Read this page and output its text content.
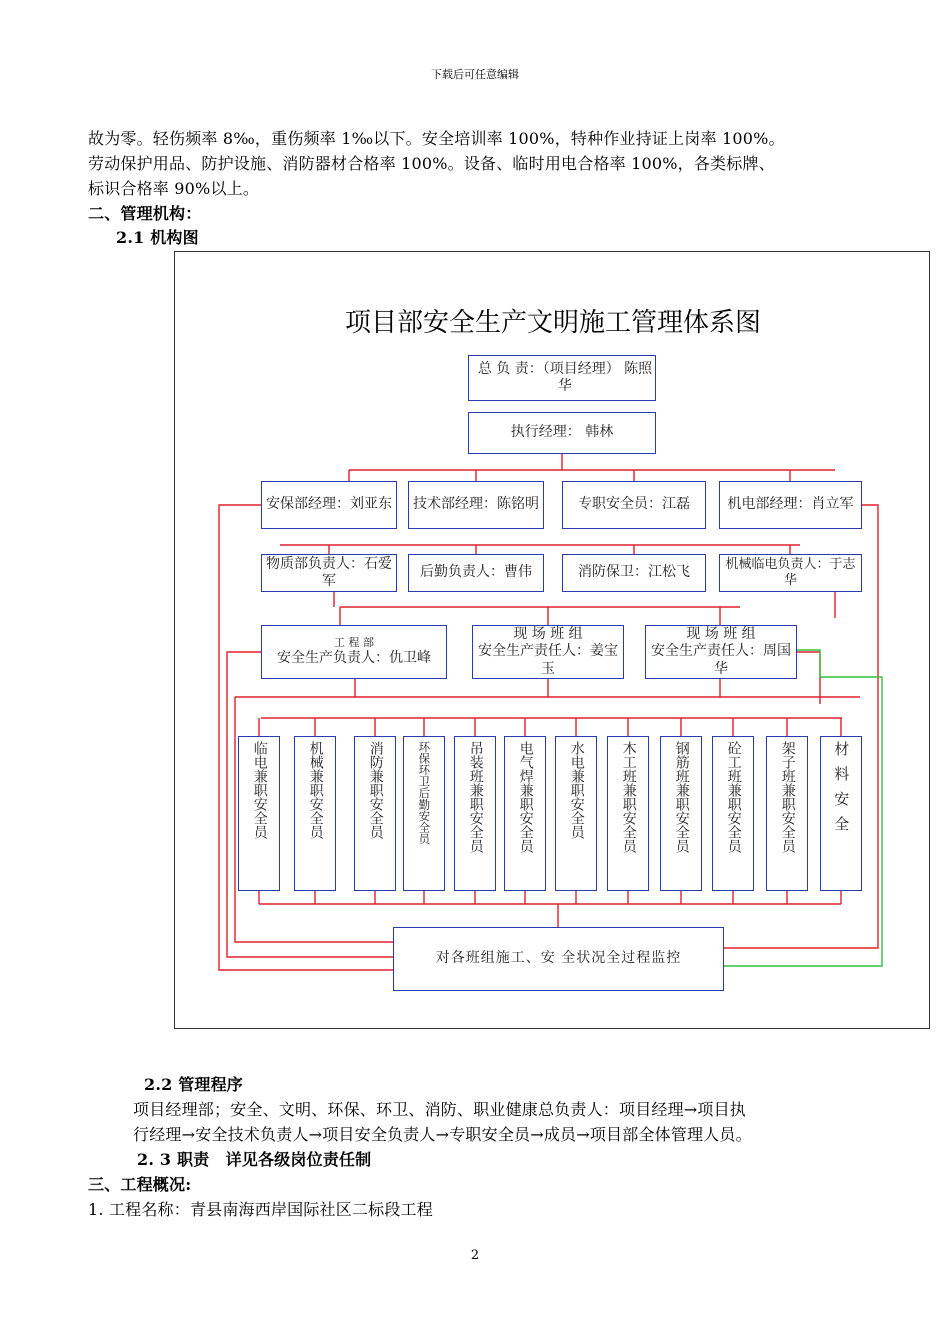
下载后可任意编辑
故为零。轻伤频率 8‰，重伤频率 1‰以下。安全培训率 100%，特种作业持证上岗率 100%。
劳动保护用品、防护设施、消防器材合格率 100%。设备、临时用电合格率 100%，各类标牌、
标识合格率 90%以上。
二、管理机构：
2.1 机构图
项目部安全生产文明施工管理体系图
总 负 责：（项目经理） 陈照华
执行经理： 韩林
安保部经理：刘亚东	技术部经理：陈铭明	专职安全员：江磊	机电部经理：肖立军
物质部负责人：石爱军
后勤负责人：曹伟	消防保卫：江松飞	机械临电负责人：于志华
工 程 部
安全生产负责人：仇卫峰
现 场 班 组
安全生产责任人：姜宝玉
现 场 班 组
安全生产责任人：周国华
临电兼职安全员	机械兼职安全员	消防兼职安全员	环保环卫后勤安全员	吊装班兼职安全员	电气焊兼职安全员	水电兼职安全员	木工班兼职安全员	钢筋班兼职安全员	砼工班兼职安全员	架子班兼职安全员	材料安全
对各班组施工、安 全状况全过程监控
2.2 管理程序
项目经理部；安全、文明、环保、环卫、消防、职业健康总负责人：项目经理→项目执
行经理→安全技术负责人→项目安全负责人→专职安全员→成员→项目部全体管理人员。
2. 3 职责　详见各级岗位责任制
三、工程概况:
1. 工程名称：青县南海西岸国际社区二标段工程
2
